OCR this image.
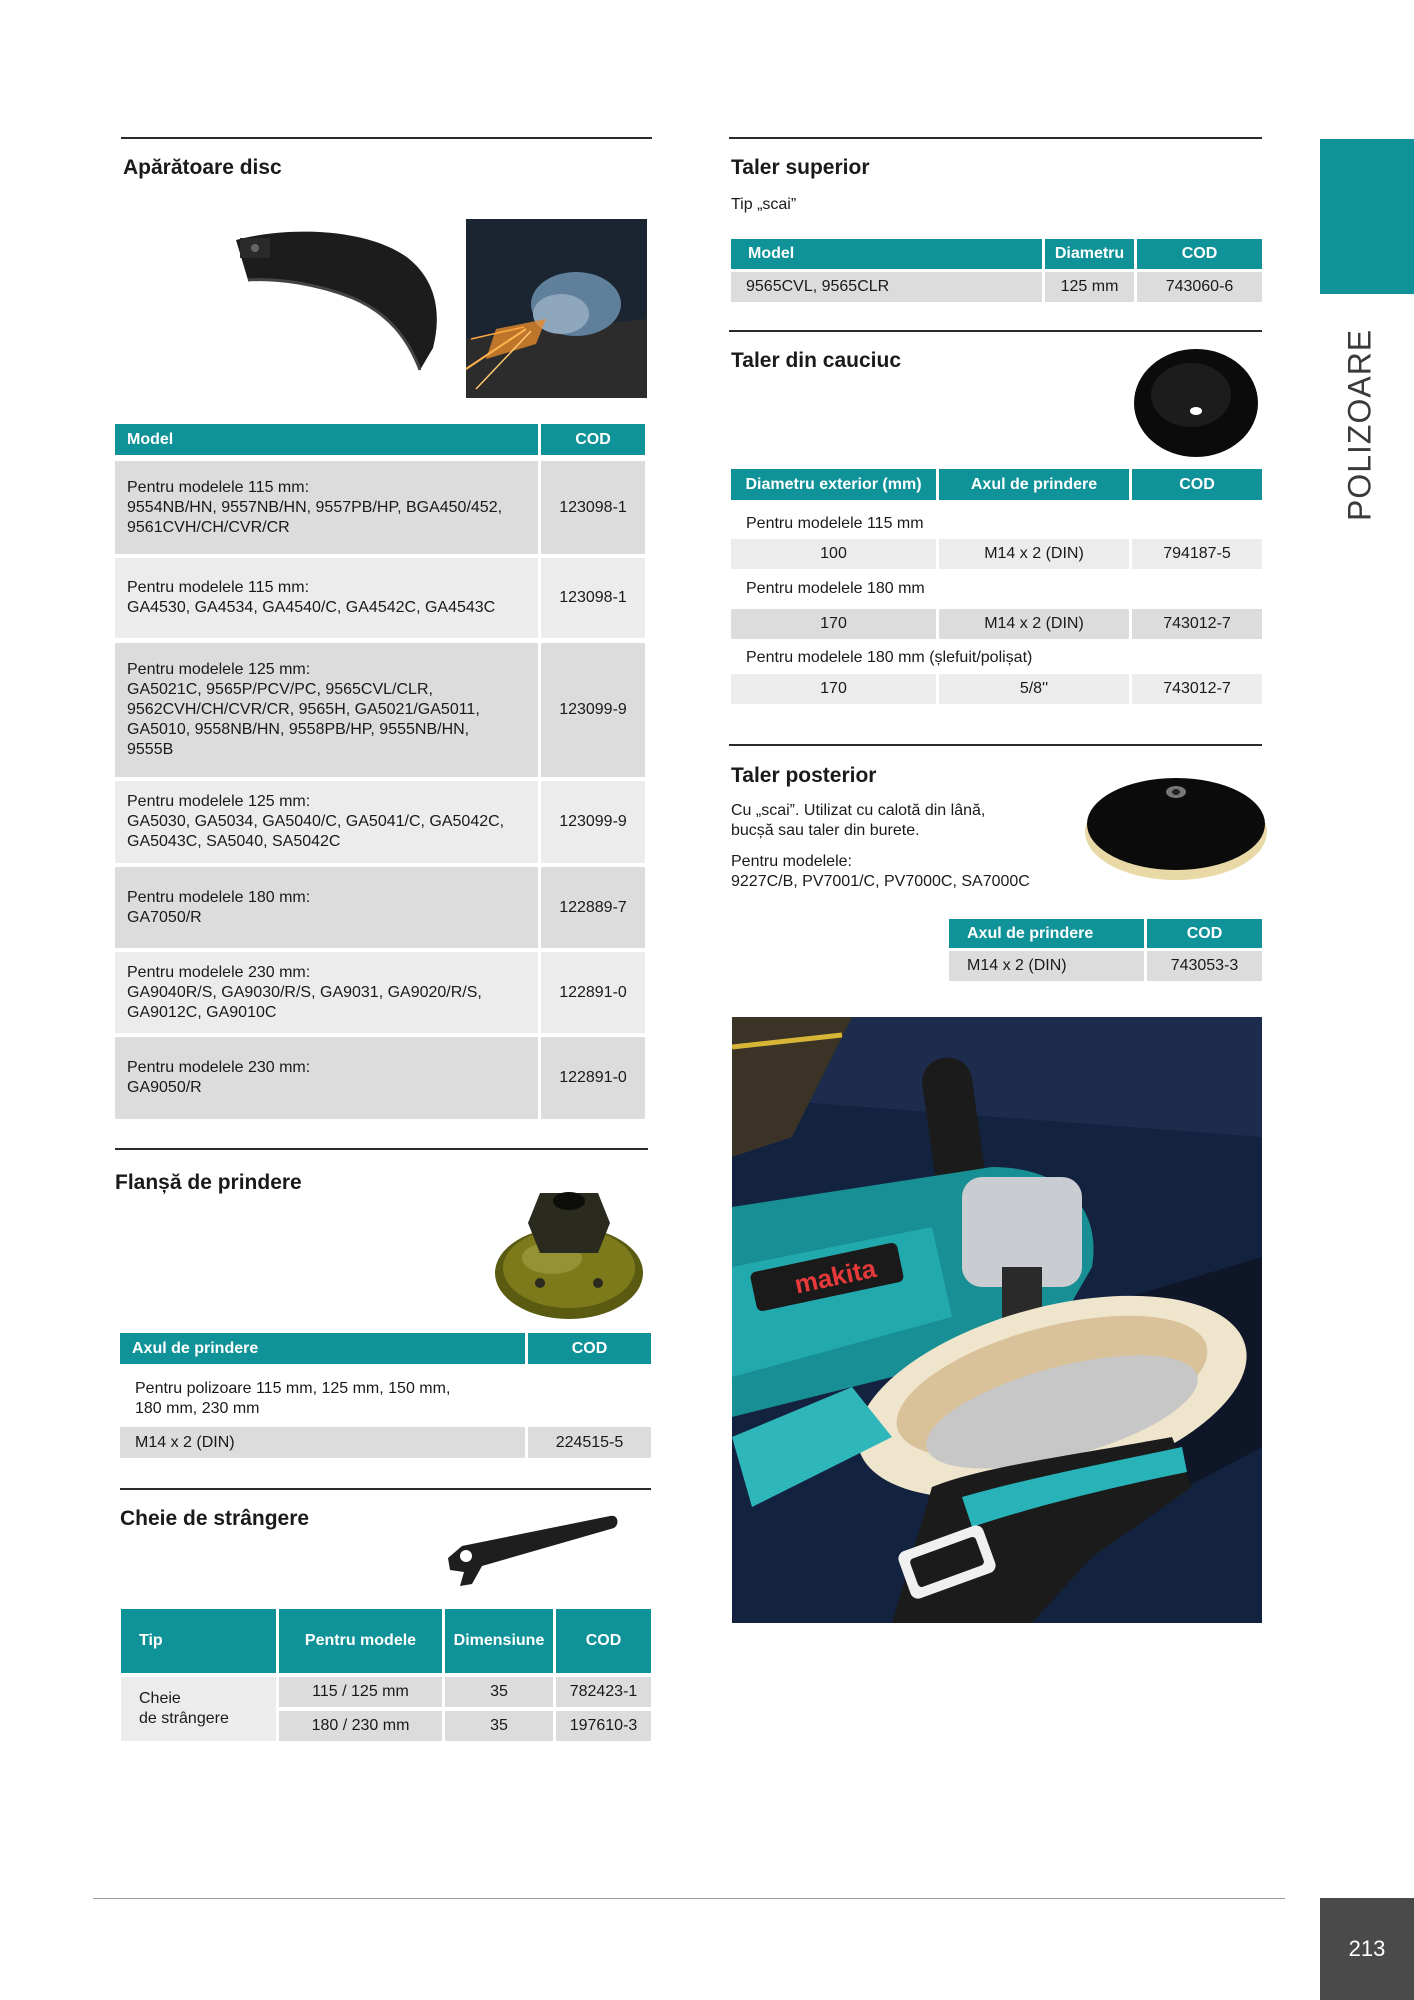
POLIZOARE
Apărătoare disc
Model	COD
Pentru modelele 115 mm:
9554NB/HN, 9557NB/HN, 9557PB/HP, BGA450/452,
9561CVH/CH/CVR/CR
123098-1
Pentru modelele 115 mm:
GA4530, GA4534, GA4540/C, GA4542C, GA4543C
123098-1
Pentru modelele 125 mm:
GA5021C, 9565P/PCV/PC, 9565CVL/CLR,
9562CVH/CH/CVR/CR, 9565H, GA5021/GA5011,
GA5010, 9558NB/HN, 9558PB/HP, 9555NB/HN,
9555B
123099-9
Pentru modelele 125 mm:
GA5030, GA5034, GA5040/C, GA5041/C, GA5042C,
GA5043C, SA5040, SA5042C
123099-9
Pentru modelele 180 mm:
GA7050/R
122889-7
Pentru modelele 230 mm:
GA9040R/S, GA9030/R/S, GA9031, GA9020/R/S,
GA9012C, GA9010C
122891-0
Pentru modelele 230 mm:
GA9050/R
122891-0
Flanșă de prindere
Axul de prindere	COD
Pentru polizoare 115 mm, 125 mm, 150 mm,
180 mm, 230 mm
M14 x 2 (DIN)	224515-5
Cheie de strângere
Tip	Pentru modele	Dimensiune	COD
Cheie
de strângere
115 / 125 mm	35	782423-1
180 / 230 mm	35	197610-3
Taler superior
Tip „scai”
Model	Diametru	COD
9565CVL, 9565CLR	125 mm	743060-6
Taler din cauciuc
Diametru exterior (mm)	Axul de prindere	COD
Pentru modelele 115 mm
100	M14 x 2 (DIN)	794187-5
Pentru modelele 180 mm
170	M14 x 2 (DIN)	743012-7
Pentru modelele 180 mm (șlefuit/polișat)
170	5/8''	743012-7
Taler posterior
Cu „scai”. Utilizat cu calotă din lână,
bucșă sau taler din burete.
Pentru modelele:
9227C/B, PV7001/C, PV7000C, SA7000C
Axul de prindere	COD
M14 x 2 (DIN)	743053-3
makita
213
